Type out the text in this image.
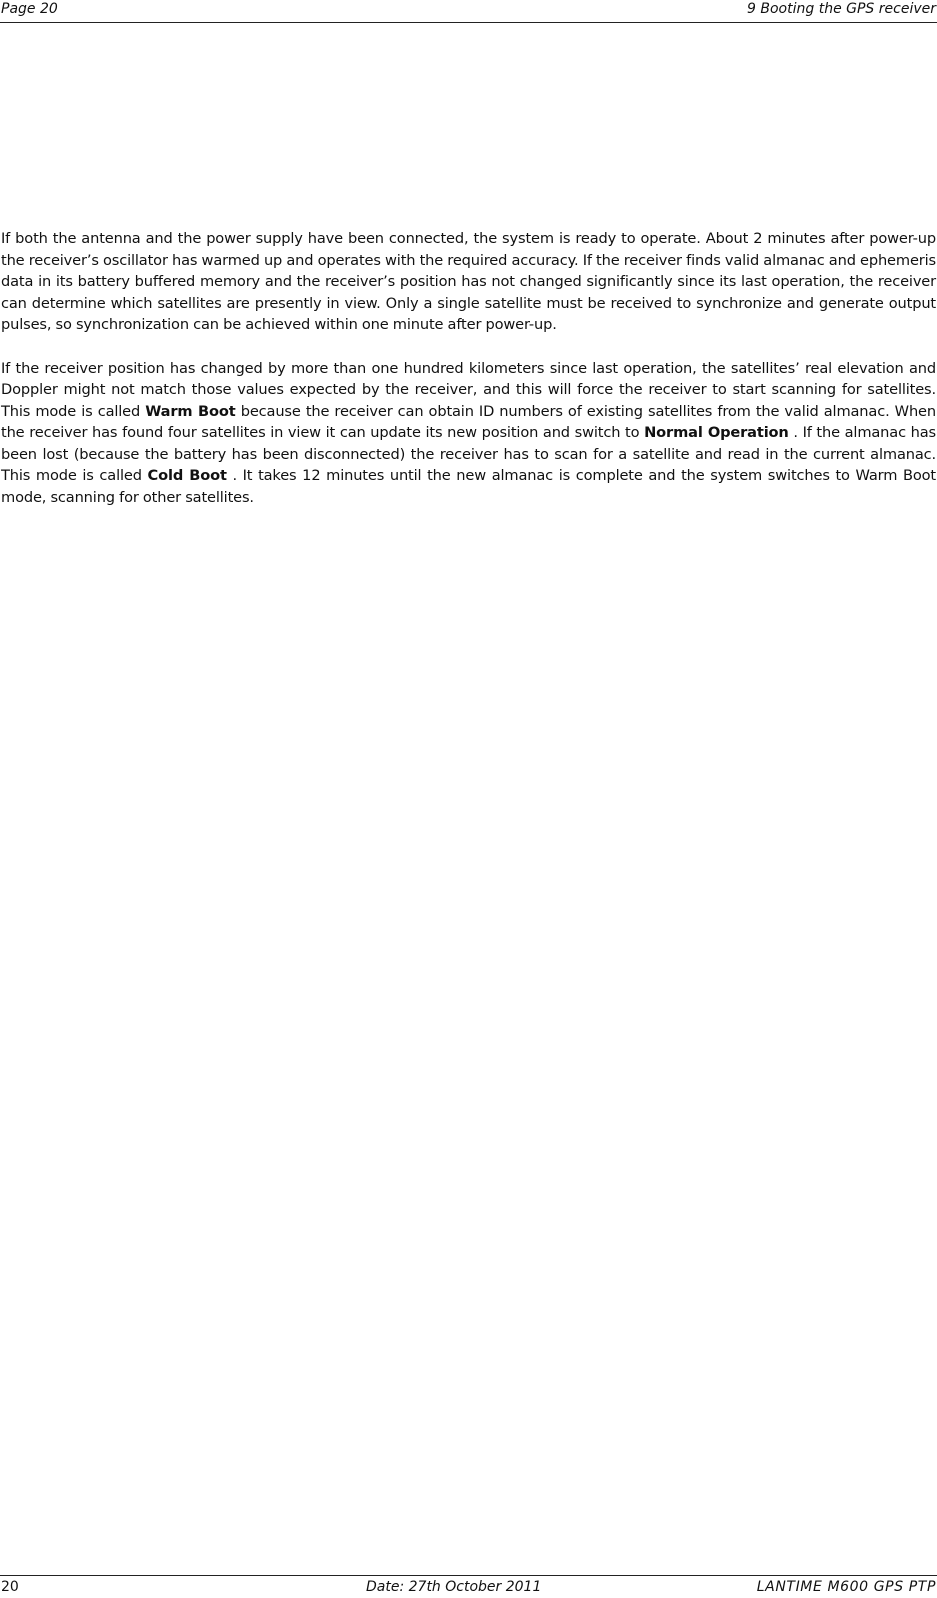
Page 20	9 Booting the GPS receiver

If both the antenna and the power supply have been connected, the system is ready to operate. About 2 minutes after power-up the receiver’s oscillator has warmed up and operates with the required accuracy. If the receiver finds valid almanac and ephemeris data in its battery buffered memory and the receiver’s position has not changed significantly since its last operation, the receiver can determine which satellites are presently in view. Only a single satellite must be received to synchronize and generate output pulses, so synchronization can be achieved within one minute after power-up.

If the receiver position has changed by more than one hundred kilometers since last operation, the satellites’ real elevation and Doppler might not match those values expected by the receiver, and this will force the receiver to start scanning for satellites. This mode is called Warm Boot because the receiver can obtain ID numbers of existing satellites from the valid almanac. When the receiver has found four satellites in view it can update its new position and switch to Normal Operation . If the almanac has been lost (because the battery has been disconnected) the receiver has to scan for a satellite and read in the current almanac. This mode is called Cold Boot . It takes 12 minutes until the new almanac is complete and the system switches to Warm Boot mode, scanning for other satellites.

20	Date: 27th October 2011	LANTIME M600 GPS PTP
